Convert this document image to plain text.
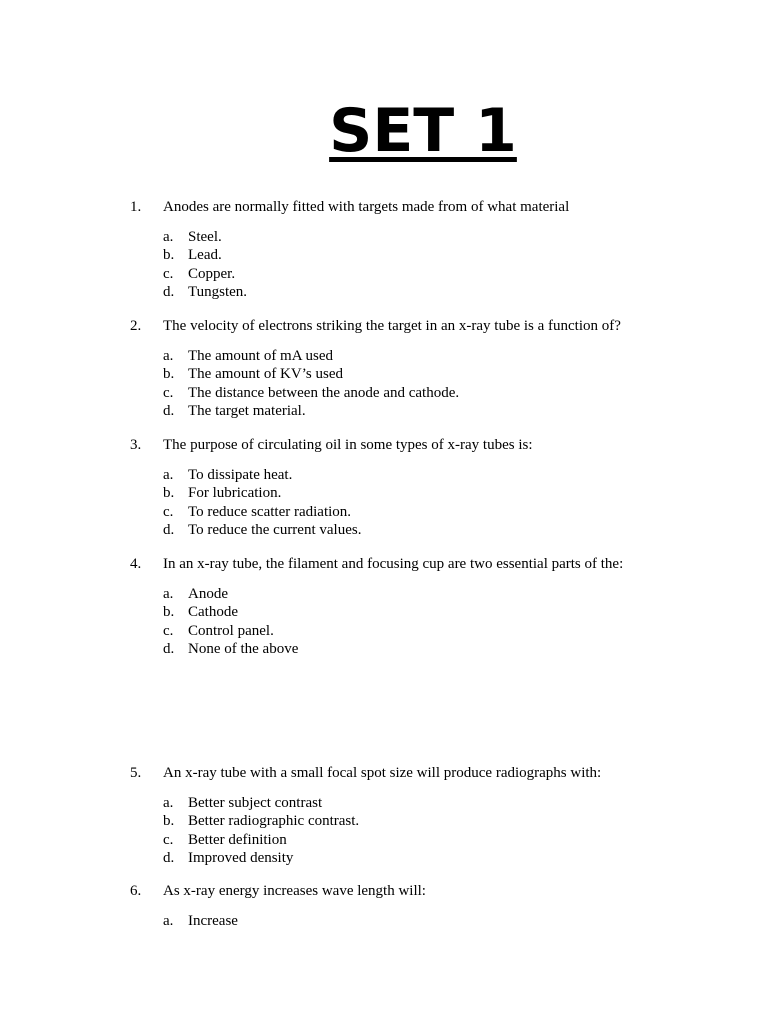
SET 1
1. Anodes are normally fitted with targets made from of what material
a. Steel.
b. Lead.
c. Copper.
d. Tungsten.
2. The velocity of electrons striking the target in an x-ray tube is a function of?
a. The amount of mA used
b. The amount of KV’s used
c. The distance between the anode and cathode.
d. The target material.
3. The purpose of circulating oil in some types of x-ray tubes is:
a. To dissipate heat.
b. For lubrication.
c. To reduce scatter radiation.
d. To reduce the current values.
4. In an x-ray tube, the filament and focusing cup are two essential parts of the:
a. Anode
b. Cathode
c. Control panel.
d. None of the above
5. An x-ray tube with a small focal spot size will produce radiographs with:
a. Better subject contrast
b. Better radiographic contrast.
c. Better definition
d. Improved density
6. As x-ray energy increases wave length will:
a. Increase
